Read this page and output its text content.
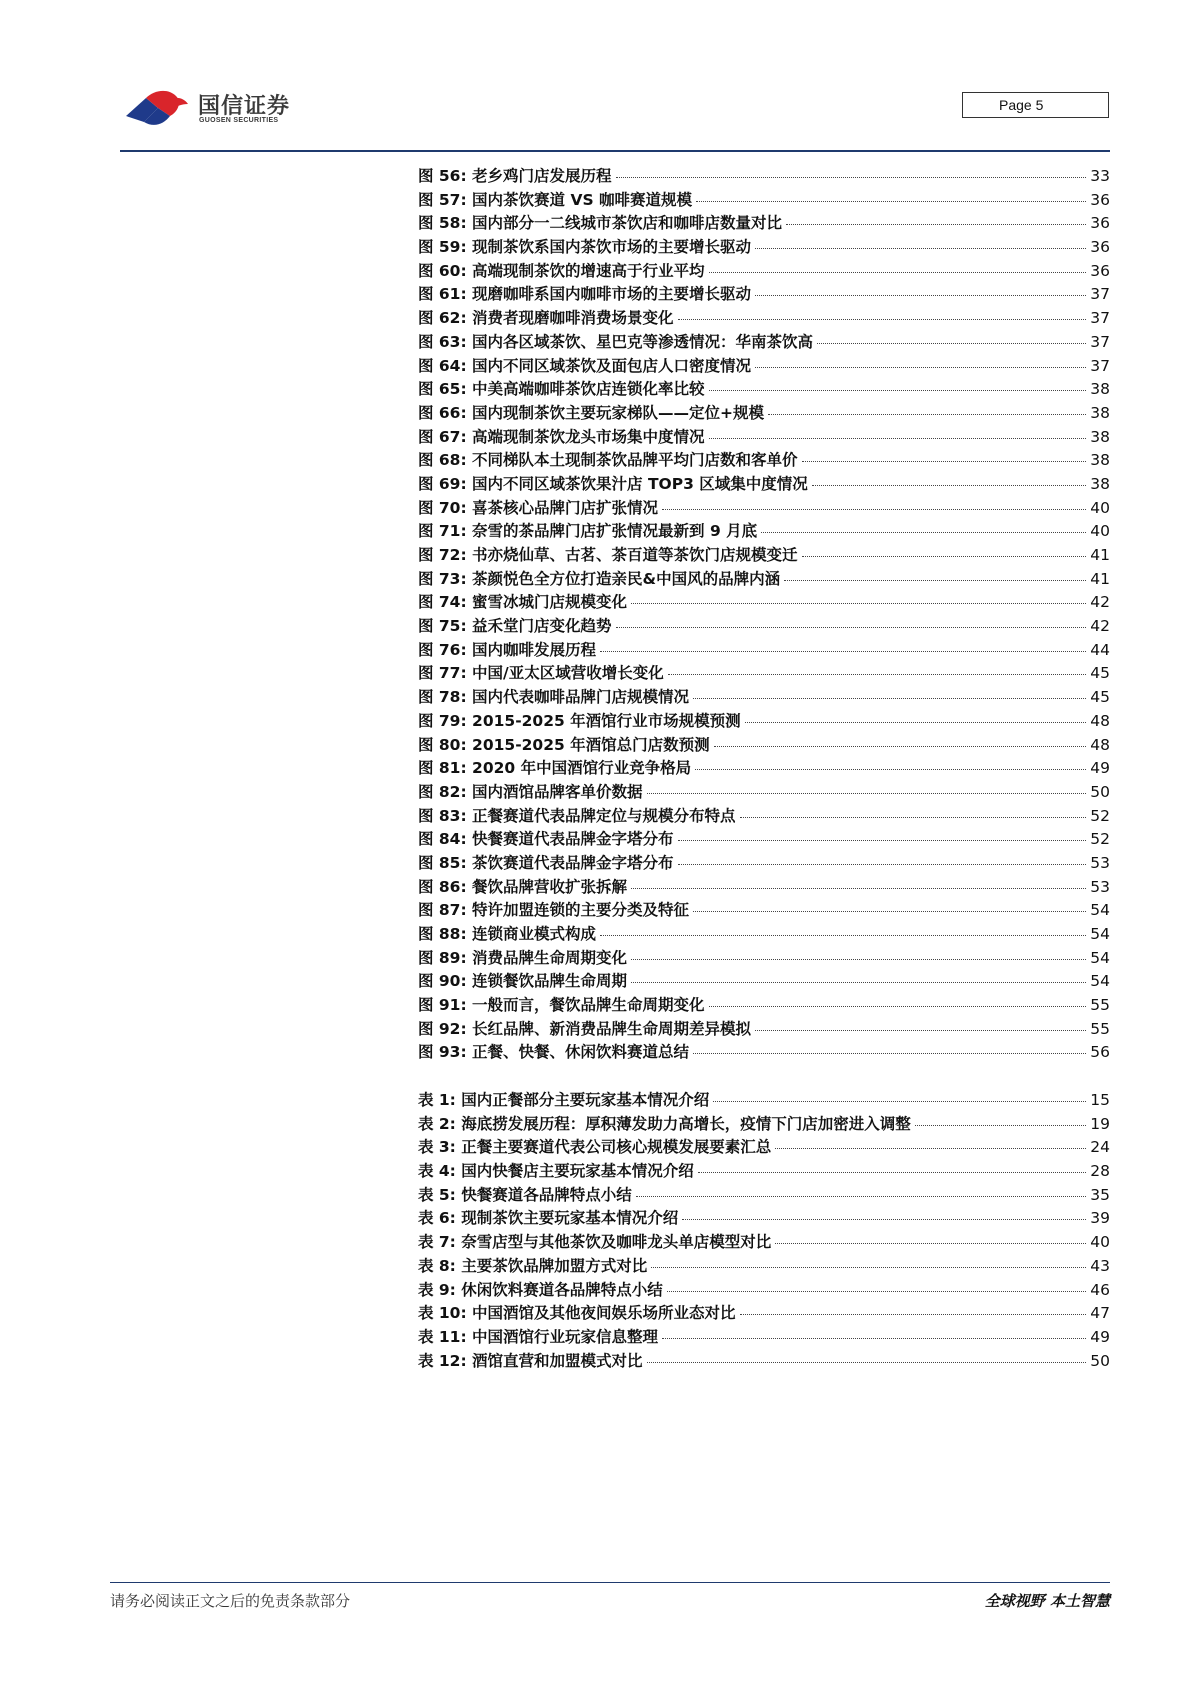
国信证券
GUOSEN SECURITIES
Page 5
图 56: 老乡鸡门店发展历程	33
图 57: 国内茶饮赛道 VS 咖啡赛道规模	36
图 58: 国内部分一二线城市茶饮店和咖啡店数量对比	36
图 59: 现制茶饮系国内茶饮市场的主要增长驱动	36
图 60: 高端现制茶饮的增速高于行业平均	36
图 61: 现磨咖啡系国内咖啡市场的主要增长驱动	37
图 62: 消费者现磨咖啡消费场景变化	37
图 63: 国内各区域茶饮、星巴克等渗透情况：华南茶饮高	37
图 64: 国内不同区域茶饮及面包店人口密度情况	37
图 65: 中美高端咖啡茶饮店连锁化率比较	38
图 66: 国内现制茶饮主要玩家梯队——定位+规模	38
图 67: 高端现制茶饮龙头市场集中度情况	38
图 68: 不同梯队本土现制茶饮品牌平均门店数和客单价	38
图 69: 国内不同区域茶饮果汁店 TOP3 区域集中度情况	38
图 70: 喜茶核心品牌门店扩张情况	40
图 71: 奈雪的茶品牌门店扩张情况最新到 9 月底	40
图 72: 书亦烧仙草、古茗、茶百道等茶饮门店规模变迁	41
图 73: 茶颜悦色全方位打造亲民&中国风的品牌内涵	41
图 74: 蜜雪冰城门店规模变化	42
图 75: 益禾堂门店变化趋势	42
图 76: 国内咖啡发展历程	44
图 77: 中国/亚太区域营收增长变化	45
图 78: 国内代表咖啡品牌门店规模情况	45
图 79: 2015-2025 年酒馆行业市场规模预测	48
图 80: 2015-2025 年酒馆总门店数预测	48
图 81: 2020 年中国酒馆行业竞争格局	49
图 82: 国内酒馆品牌客单价数据	50
图 83: 正餐赛道代表品牌定位与规模分布特点	52
图 84: 快餐赛道代表品牌金字塔分布	52
图 85: 茶饮赛道代表品牌金字塔分布	53
图 86: 餐饮品牌营收扩张拆解	53
图 87: 特许加盟连锁的主要分类及特征	54
图 88: 连锁商业模式构成	54
图 89: 消费品牌生命周期变化	54
图 90: 连锁餐饮品牌生命周期	54
图 91: 一般而言，餐饮品牌生命周期变化	55
图 92: 长红品牌、新消费品牌生命周期差异模拟	55
图 93: 正餐、快餐、休闲饮料赛道总结	56
表 1: 国内正餐部分主要玩家基本情况介绍	15
表 2: 海底捞发展历程：厚积薄发助力高增长，疫情下门店加密进入调整	19
表 3: 正餐主要赛道代表公司核心规模发展要素汇总	24
表 4: 国内快餐店主要玩家基本情况介绍	28
表 5: 快餐赛道各品牌特点小结	35
表 6: 现制茶饮主要玩家基本情况介绍	39
表 7: 奈雪店型与其他茶饮及咖啡龙头单店模型对比	40
表 8: 主要茶饮品牌加盟方式对比	43
表 9: 休闲饮料赛道各品牌特点小结	46
表 10: 中国酒馆及其他夜间娱乐场所业态对比	47
表 11: 中国酒馆行业玩家信息整理	49
表 12: 酒馆直营和加盟模式对比	50
请务必阅读正文之后的免责条款部分	全球视野 本土智慧
